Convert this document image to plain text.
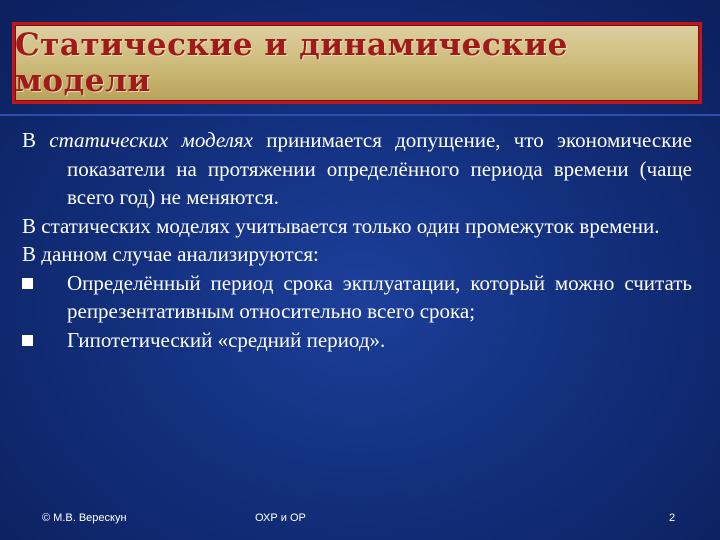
Статические и динамические модели

В статических моделях принимается допущение, что экономические показатели на протяжении определённого периода времени (чаще всего год) не меняются.

В статических моделях учитывается только один промежуток времени.

В данном случае анализируются:

Определённый период срока экплуатации, который можно считать репрезентативным относительно всего срока;

Гипотетический «средний период».

© М.В. Верескун	ОХР и ОР	2
